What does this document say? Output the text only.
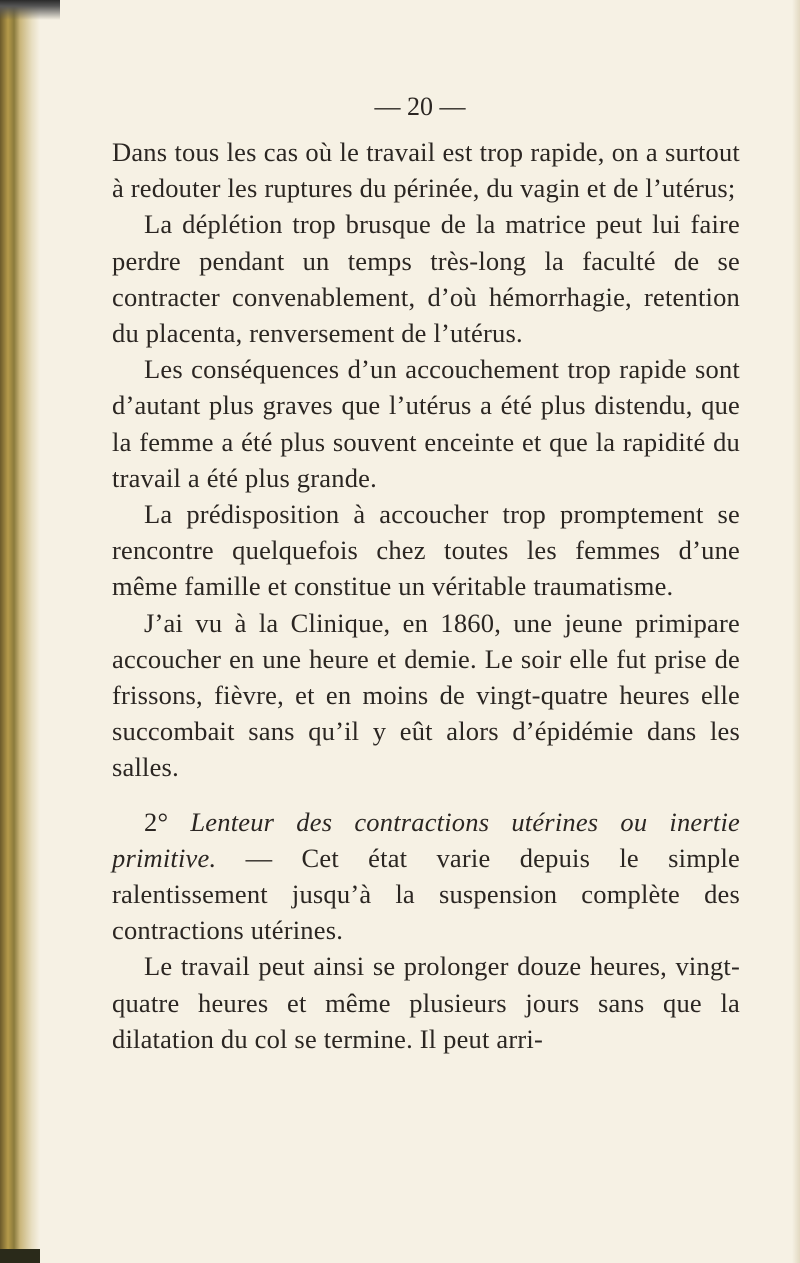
— 20 —

Dans tous les cas où le travail est trop rapide, on a surtout à redouter les ruptures du périnée, du vagin et de l’utérus;

La déplétion trop brusque de la matrice peut lui faire perdre pendant un temps très-long la faculté de se contracter convenablement, d’où hémorrhagie, retention du placenta, renversement de l’utérus.

Les conséquences d’un accouchement trop rapide sont d’autant plus graves que l’utérus a été plus distendu, que la femme a été plus souvent enceinte et que la rapidité du travail a été plus grande.

La prédisposition à accoucher trop promptement se rencontre quelquefois chez toutes les femmes d’une même famille et constitue un véritable traumatisme.

J’ai vu à la Clinique, en 1860, une jeune primipare accoucher en une heure et demie. Le soir elle fut prise de frissons, fièvre, et en moins de vingt-quatre heures elle succombait sans qu’il y eût alors d’épidémie dans les salles.

2° Lenteur des contractions utérines ou inertie primitive. — Cet état varie depuis le simple ralentissement jusqu’à la suspension complète des contractions utérines.

Le travail peut ainsi se prolonger douze heures, vingt-quatre heures et même plusieurs jours sans que la dilatation du col se termine. Il peut arri-
